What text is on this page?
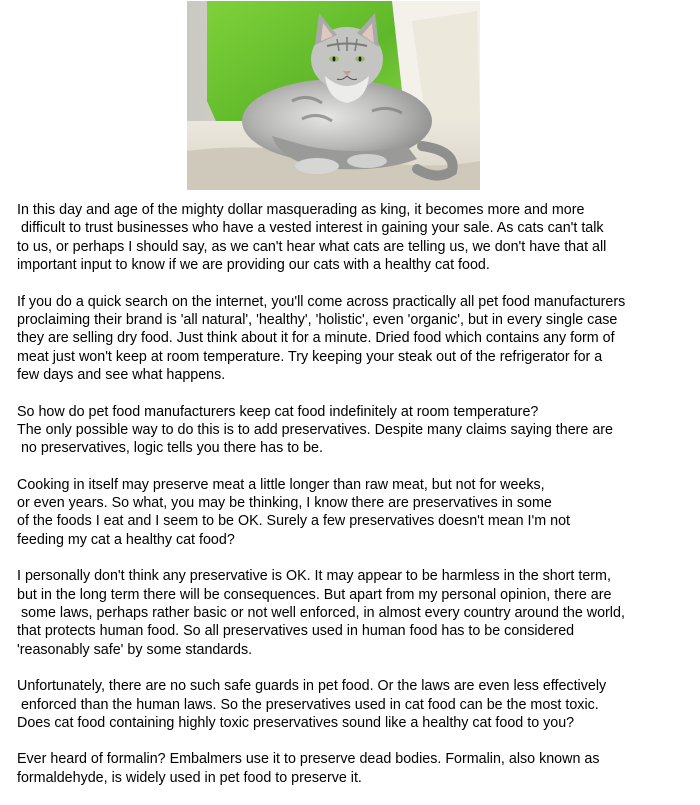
In this day and age of the mighty dollar masquerading as king, it becomes more and more
difficult to trust businesses who have a vested interest in gaining your sale. As cats can't talk
to us, or perhaps I should say, as we can't hear what cats are telling us, we don't have that all
important input to know if we are providing our cats with a healthy cat food.
If you do a quick search on the internet, you'll come across practically all pet food manufacturers
proclaiming their brand is 'all natural', 'healthy', 'holistic', even 'organic', but in every single case
they are selling dry food. Just think about it for a minute. Dried food which contains any form of
meat just won't keep at room temperature. Try keeping your steak out of the refrigerator for a
few days and see what happens.
So how do pet food manufacturers keep cat food indefinitely at room temperature?
The only possible way to do this is to add preservatives. Despite many claims saying there are
no preservatives, logic tells you there has to be.
Cooking in itself may preserve meat a little longer than raw meat, but not for weeks,
or even years. So what, you may be thinking, I know there are preservatives in some
of the foods I eat and I seem to be OK. Surely a few preservatives doesn't mean I'm not
feeding my cat a healthy cat food?
I personally don't think any preservative is OK. It may appear to be harmless in the short term,
but in the long term there will be consequences. But apart from my personal opinion, there are
some laws, perhaps rather basic or not well enforced, in almost every country around the world,
that protects human food. So all preservatives used in human food has to be considered
'reasonably safe' by some standards.
Unfortunately, there are no such safe guards in pet food. Or the laws are even less effectively
enforced than the human laws. So the preservatives used in cat food can be the most toxic.
Does cat food containing highly toxic preservatives sound like a healthy cat food to you?
Ever heard of formalin? Embalmers use it to preserve dead bodies. Formalin, also known as
formaldehyde, is widely used in pet food to preserve it.
